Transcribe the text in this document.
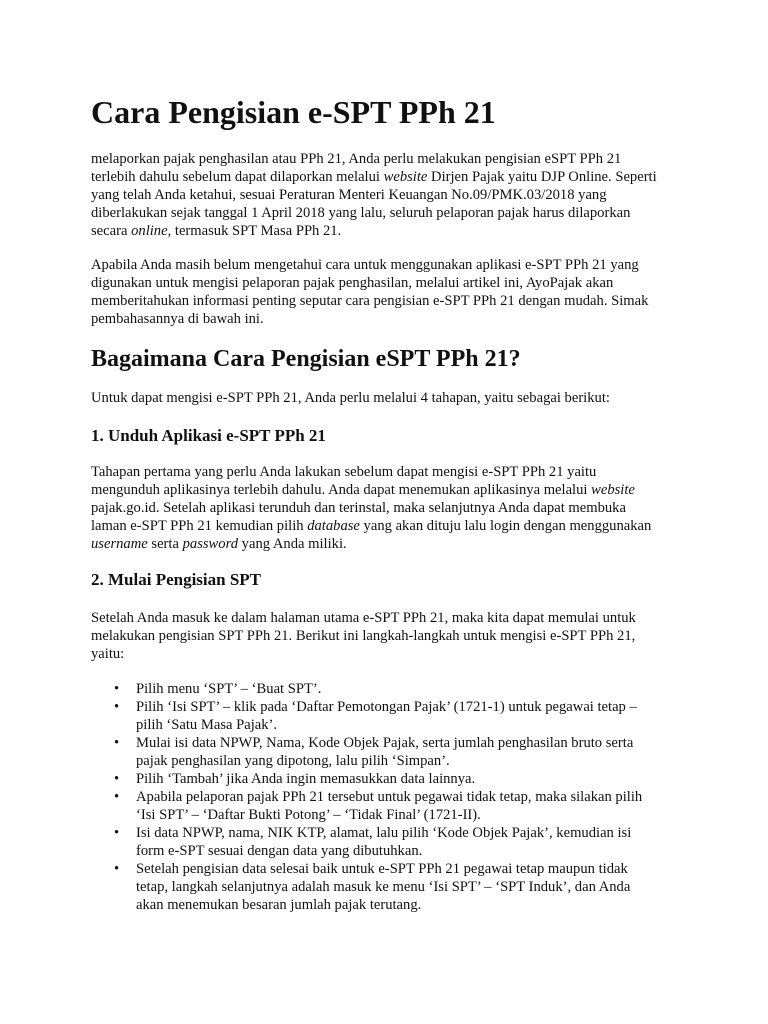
Cara Pengisian e-SPT PPh 21

melaporkan pajak penghasilan atau PPh 21, Anda perlu melakukan pengisian eSPT PPh 21
terlebih dahulu sebelum dapat dilaporkan melalui website Dirjen Pajak yaitu DJP Online. Seperti
yang telah Anda ketahui, sesuai Peraturan Menteri Keuangan No.09/PMK.03/2018 yang
diberlakukan sejak tanggal 1 April 2018 yang lalu, seluruh pelaporan pajak harus dilaporkan
secara online, termasuk SPT Masa PPh 21.

Apabila Anda masih belum mengetahui cara untuk menggunakan aplikasi e-SPT PPh 21 yang
digunakan untuk mengisi pelaporan pajak penghasilan, melalui artikel ini, AyoPajak akan
memberitahukan informasi penting seputar cara pengisian e-SPT PPh 21 dengan mudah. Simak
pembahasannya di bawah ini.

Bagaimana Cara Pengisian eSPT PPh 21?

Untuk dapat mengisi e-SPT PPh 21, Anda perlu melalui 4 tahapan, yaitu sebagai berikut:

1. Unduh Aplikasi e-SPT PPh 21

Tahapan pertama yang perlu Anda lakukan sebelum dapat mengisi e-SPT PPh 21 yaitu
mengunduh aplikasinya terlebih dahulu. Anda dapat menemukan aplikasinya melalui website
pajak.go.id. Setelah aplikasi terunduh dan terinstal, maka selanjutnya Anda dapat membuka
laman e-SPT PPh 21 kemudian pilih database yang akan dituju lalu login dengan menggunakan
username serta password yang Anda miliki.

2. Mulai Pengisian SPT

Setelah Anda masuk ke dalam halaman utama e-SPT PPh 21, maka kita dapat memulai untuk
melakukan pengisian SPT PPh 21. Berikut ini langkah-langkah untuk mengisi e-SPT PPh 21,
yaitu:

• Pilih menu ‘SPT’ – ‘Buat SPT’.
• Pilih ‘Isi SPT’ – klik pada ‘Daftar Pemotongan Pajak’ (1721-1) untuk pegawai tetap –
pilih ‘Satu Masa Pajak’.
• Mulai isi data NPWP, Nama, Kode Objek Pajak, serta jumlah penghasilan bruto serta
pajak penghasilan yang dipotong, lalu pilih ‘Simpan’.
• Pilih ‘Tambah’ jika Anda ingin memasukkan data lainnya.
• Apabila pelaporan pajak PPh 21 tersebut untuk pegawai tidak tetap, maka silakan pilih
‘Isi SPT’ – ‘Daftar Bukti Potong’ – ‘Tidak Final’ (1721-II).
• Isi data NPWP, nama, NIK KTP, alamat, lalu pilih ‘Kode Objek Pajak’, kemudian isi
form e-SPT sesuai dengan data yang dibutuhkan.
• Setelah pengisian data selesai baik untuk e-SPT PPh 21 pegawai tetap maupun tidak
tetap, langkah selanjutnya adalah masuk ke menu ‘Isi SPT’ – ‘SPT Induk’, dan Anda
akan menemukan besaran jumlah pajak terutang.
